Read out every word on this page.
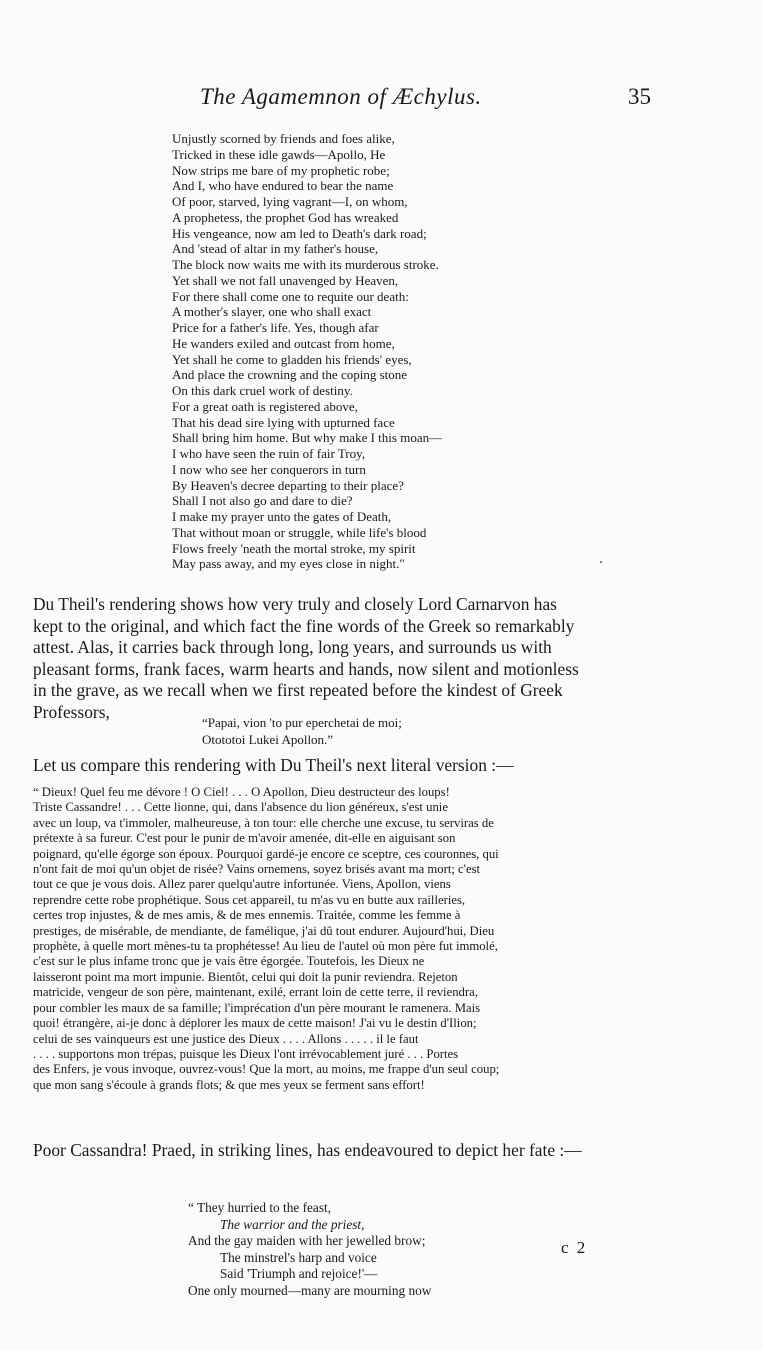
The Agamemnon of Æchylus.	35
Unjustly scorned by friends and foes alike,
Tricked in these idle gawds—Apollo, He
Now strips me bare of my prophetic robe;
And I, who have endured to bear the name
Of poor, starved, lying vagrant—I, on whom,
A prophetess, the prophet God has wreaked
His vengeance, now am led to Death's dark road;
And 'stead of altar in my father's house,
The block now waits me with its murderous stroke.
Yet shall we not fall unavenged by Heaven,
For there shall come one to requite our death:
A mother's slayer, one who shall exact
Price for a father's life. Yes, though afar
He wanders exiled and outcast from home,
Yet shall he come to gladden his friends' eyes,
And place the crowning and the coping stone
On this dark cruel work of destiny.
For a great oath is registered above,
That his dead sire lying with upturned face
Shall bring him home. But why make I this moan—
I who have seen the ruin of fair Troy,
I now who see her conquerors in turn
By Heaven's decree departing to their place?
Shall I not also go and dare to die?
I make my prayer unto the gates of Death,
That without moan or struggle, while life's blood
Flows freely 'neath the mortal stroke, my spirit
May pass away, and my eyes close in night."
Du Theil's rendering shows how very truly and closely Lord Carnarvon has
kept to the original, and which fact the fine words of the Greek so remarkably
attest. Alas, it carries back through long, long years, and surrounds us with
pleasant forms, frank faces, warm hearts and hands, now silent and motionless
in the grave, as we recall when we first repeated before the kindest of Greek
Professors,
“Papai, vion 'to pur eperchetai de moi;
Otototoi Lukei Apollon.”
Let us compare this rendering with Du Theil's next literal version :—
“ Dieux! Quel feu me dévore ! O Ciel! . . . O Apollon, Dieu destructeur des loups!
Triste Cassandre! . . . Cette lionne, qui, dans l'absence du lion généreux, s'est unie
avec un loup, va t'immoler, malheureuse, à ton tour: elle cherche une excuse, tu serviras de
prétexte à sa fureur. C'est pour le punir de m'avoir amenée, dit-elle en aiguisant son
poignard, qu'elle égorge son époux. Pourquoi gardé-je encore ce sceptre, ces couronnes, qui
n'ont fait de moi qu'un objet de risée? Vains ornemens, soyez brisés avant ma mort; c'est
tout ce que je vous dois. Allez parer quelqu'autre infortunée. Viens, Apollon, viens
reprendre cette robe prophétique. Sous cet appareil, tu m'as vu en butte aux railleries,
certes trop injustes, & de mes amis, & de mes ennemis. Traitée, comme les femme à
prestiges, de misérable, de mendiante, de famélique, j'ai dû tout endurer. Aujourd'hui, Dieu
prophète, à quelle mort mènes-tu ta prophétesse! Au lieu de l'autel où mon père fut immolé,
c'est sur le plus infame tronc que je vais être égorgée. Toutefois, les Dieux ne
laisseront point ma mort impunie. Bientôt, celui qui doit la punir reviendra. Rejeton
matricide, vengeur de son père, maintenant, exilé, errant loin de cette terre, il reviendra,
pour combler les maux de sa famille; l'imprécation d'un père mourant le ramenera. Mais
quoi! étrangère, ai-je donc à déplorer les maux de cette maison! J'ai vu le destin d'Ilion;
celui de ses vainqueurs est une justice des Dieux . . . . Allons . . . . . il le faut
. . . . supportons mon trépas, puisque les Dieux l'ont irrévocablement juré . . . Portes
des Enfers, je vous invoque, ouvrez-vous! Que la mort, au moins, me frappe d'un seul coup;
que mon sang s'écoule à grands flots; & que mes yeux se ferment sans effort!
Poor Cassandra! Praed, in striking lines, has endeavoured to depict her fate :—
“ They hurried to the feast,
The warrior and the priest,
And the gay maiden with her jewelled brow;
The minstrel's harp and voice
Said 'Triumph and rejoice!'—
One only mourned—many are mourning now
c 2
